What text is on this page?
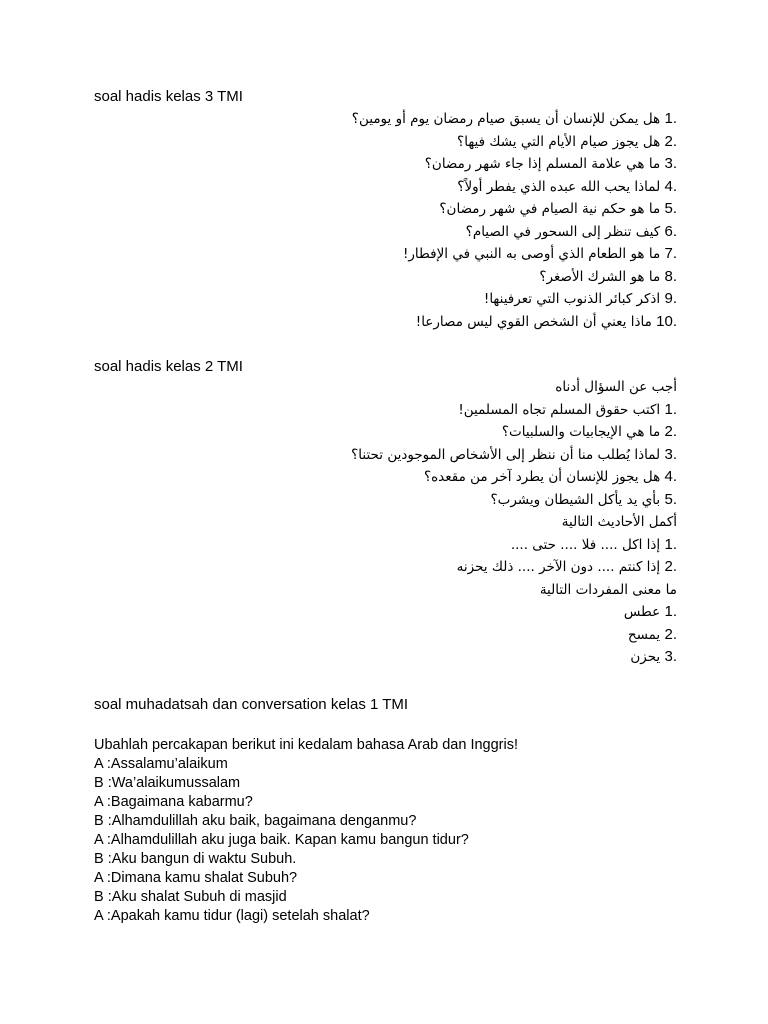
soal hadis kelas 3 TMI
1. هل يمكن للإنسان أن يسبق صيام رمضان يوم أو يومين؟
2. هل يجوز صيام الأيام التي يشك فيها؟
3. ما هي علامة المسلم إذا جاء شهر رمضان؟
4. لماذا يحب الله عبده الذي يفطر أولاً؟
5. ما هو حكم نية الصيام في شهر رمضان؟
6. كيف تنظر إلى السحور في الصيام؟
7. ما هو الطعام الذي أوصى به النبي في الإفطار!
8. ما هو الشرك الأصغر؟
9. اذكر كبائر الذنوب التي تعرفينها!
10. ماذا يعني أن الشخص القوي ليس مصارعا!
soal hadis kelas 2 TMI
أجب عن السؤال أدناه
1. اكتب حقوق المسلم تجاه المسلمين!
2. ما هي الإيجابيات والسلبيات؟
3. لماذا يُطلب منا أن ننظر إلى الأشخاص الموجودين تحتنا؟
4. هل يجوز للإنسان أن يطرد آخر من مقعده؟
5. بأي يد يأكل الشيطان ويشرب؟
أكمل الأحاديث التالية
1. إذا اكل .... فلا .... حتى ....
2. إذا كنتم .... دون الآخر .... ذلك يحزنه
ما معنى المفردات التالية
1. عطس
2. يمسح
3. يحزن
soal muhadatsah dan conversation kelas 1 TMI
Ubahlah percakapan berikut ini kedalam bahasa Arab dan Inggris!
A :Assalamu’alaikum
B :Wa’alaikumussalam
A :Bagaimana kabarmu?
B :Alhamdulillah aku baik, bagaimana denganmu?
A :Alhamdulillah aku juga baik. Kapan kamu bangun tidur?
B :Aku bangun di waktu Subuh.
A :Dimana kamu shalat Subuh?
B :Aku shalat Subuh di masjid
A :Apakah kamu tidur (lagi) setelah shalat?
